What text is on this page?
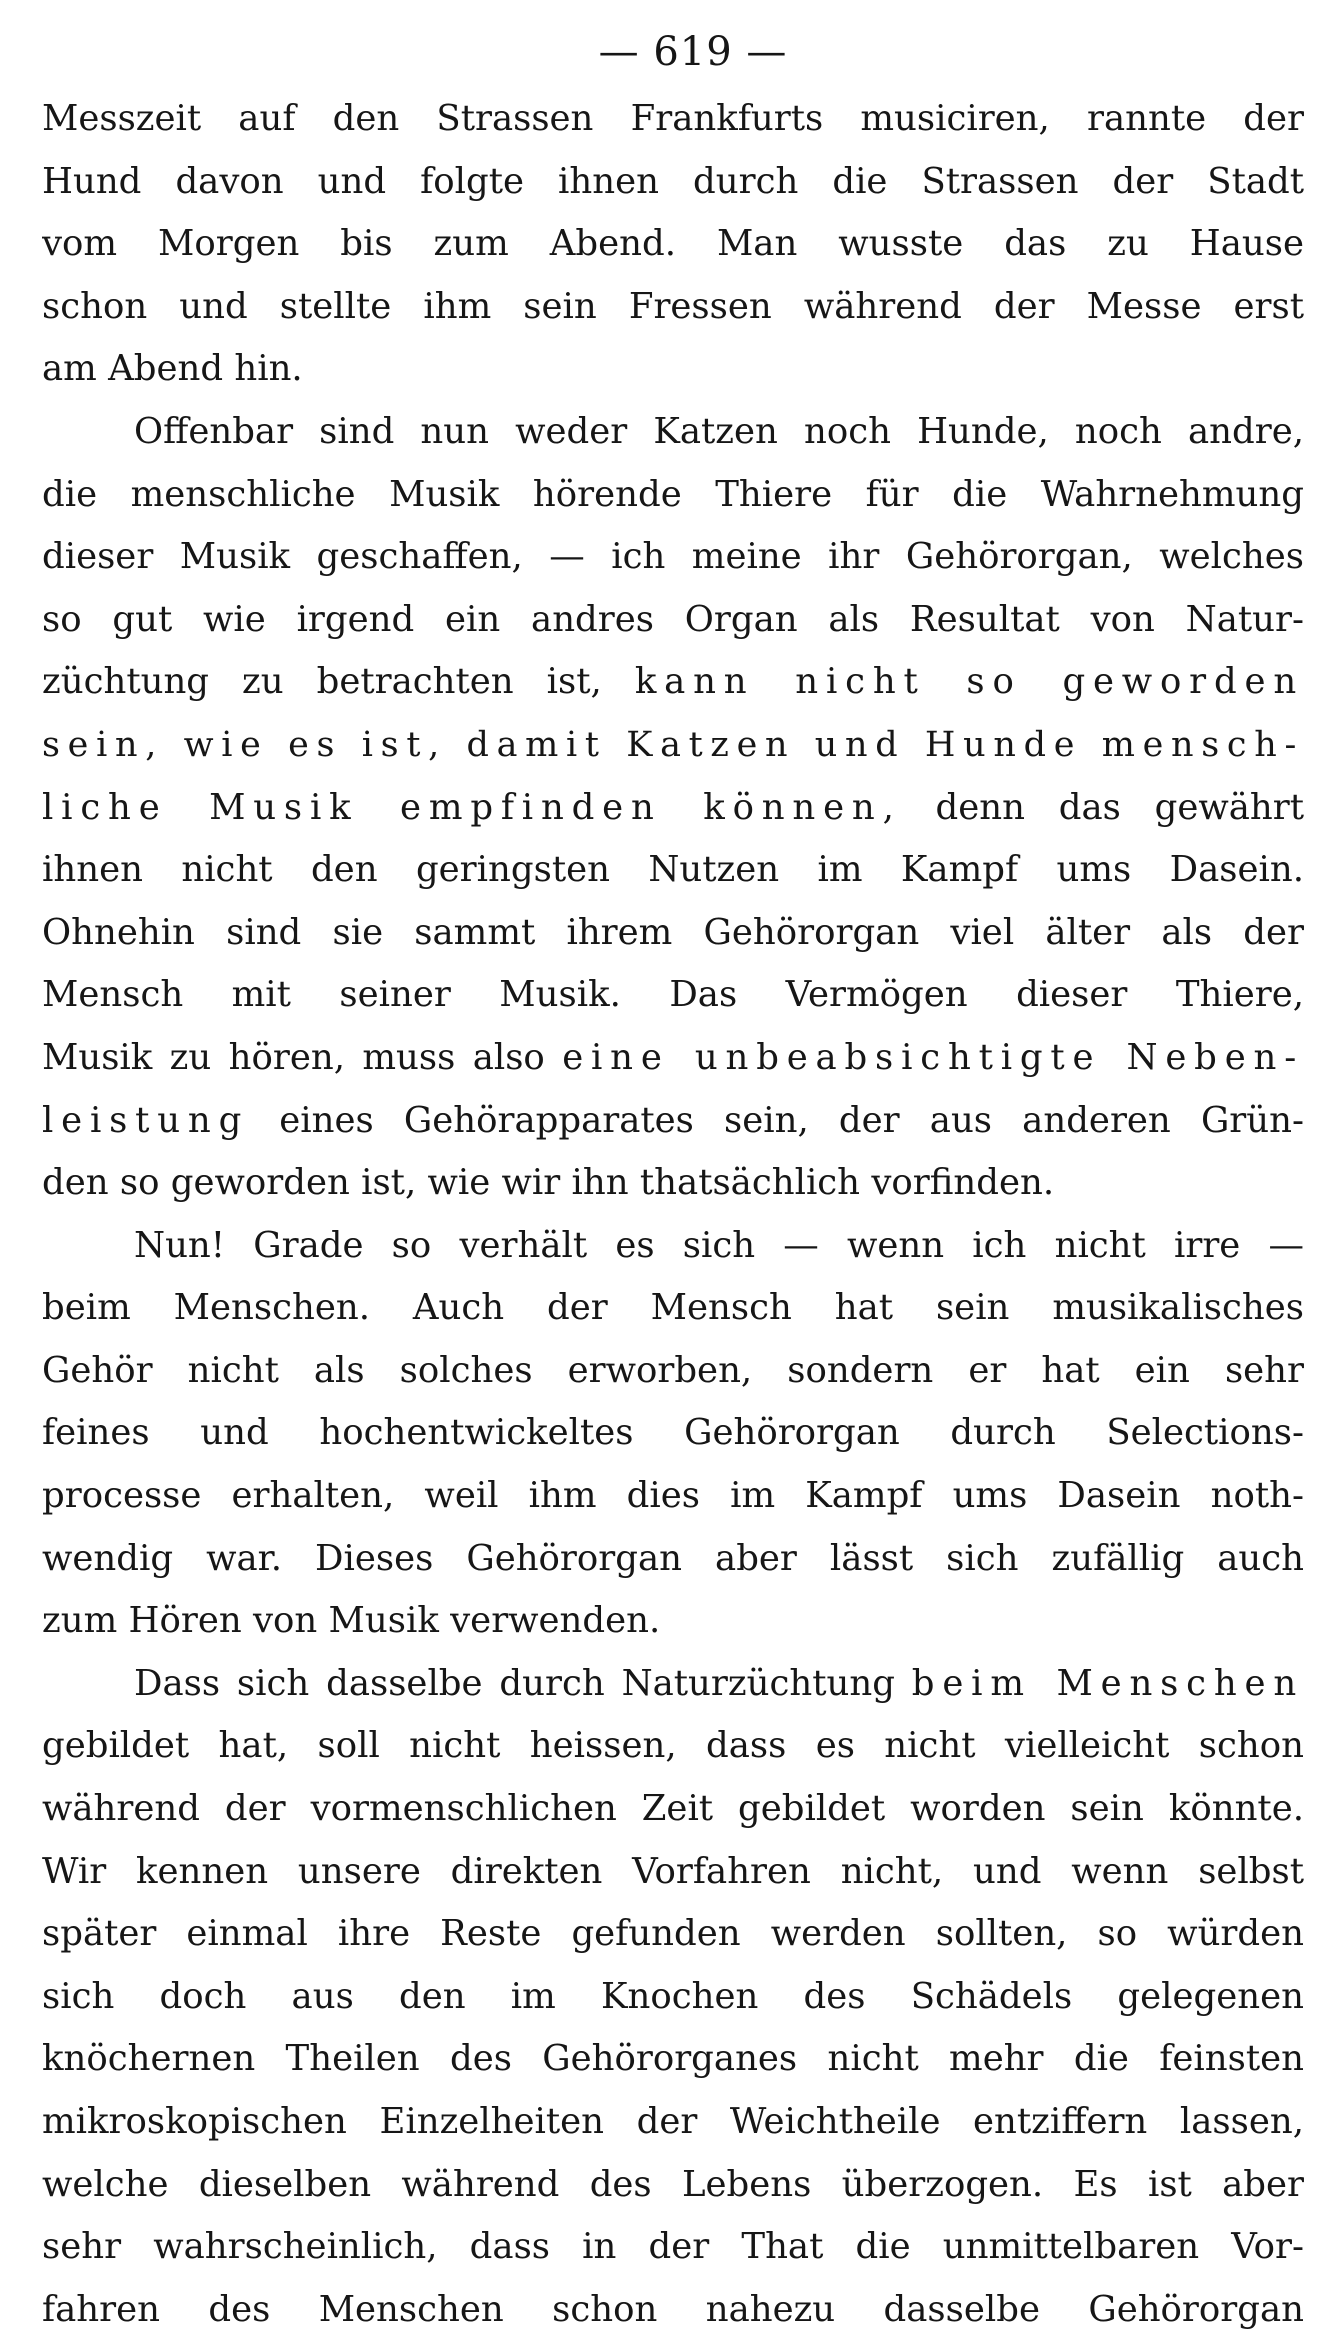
— 619 —
Messzeit auf den Strassen Frankfurts musiciren, rannte der
Hund davon und folgte ihnen durch die Strassen der Stadt
vom Morgen bis zum Abend. Man wusste das zu Hause
schon und stellte ihm sein Fressen während der Messe erst
am Abend hin.
Offenbar sind nun weder Katzen noch Hunde, noch andre,
die menschliche Musik hörende Thiere für die Wahrnehmung
dieser Musik geschaffen, — ich meine ihr Gehörorgan, welches
so gut wie irgend ein andres Organ als Resultat von Natur-
züchtung zu betrachten ist, kann nicht so geworden
sein, wie es ist, damit Katzen und Hunde mensch-
liche Musik empfinden können, denn das gewährt
ihnen nicht den geringsten Nutzen im Kampf ums Dasein.
Ohnehin sind sie sammt ihrem Gehörorgan viel älter als der
Mensch mit seiner Musik. Das Vermögen dieser Thiere,
Musik zu hören, muss also eine unbeabsichtigte Neben-
leistung eines Gehörapparates sein, der aus anderen Grün-
den so geworden ist, wie wir ihn thatsächlich vorfinden.
Nun! Grade so verhält es sich — wenn ich nicht irre —
beim Menschen. Auch der Mensch hat sein musikalisches
Gehör nicht als solches erworben, sondern er hat ein sehr
feines und hochentwickeltes Gehörorgan durch Selections-
processe erhalten, weil ihm dies im Kampf ums Dasein noth-
wendig war. Dieses Gehörorgan aber lässt sich zufällig auch
zum Hören von Musik verwenden.
Dass sich dasselbe durch Naturzüchtung beim Menschen
gebildet hat, soll nicht heissen, dass es nicht vielleicht schon
während der vormenschlichen Zeit gebildet worden sein könnte.
Wir kennen unsere direkten Vorfahren nicht, und wenn selbst
später einmal ihre Reste gefunden werden sollten, so würden
sich doch aus den im Knochen des Schädels gelegenen
knöchernen Theilen des Gehörorganes nicht mehr die feinsten
mikroskopischen Einzelheiten der Weichtheile entziffern lassen,
welche dieselben während des Lebens überzogen. Es ist aber
sehr wahrscheinlich, dass in der That die unmittelbaren Vor-
fahren des Menschen schon nahezu dasselbe Gehörorgan
